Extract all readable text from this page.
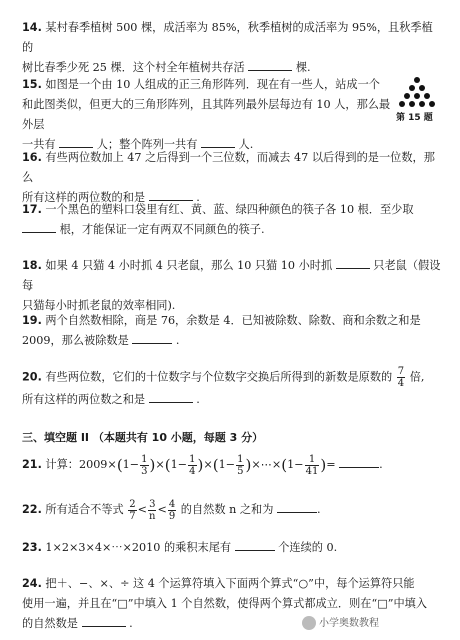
14. 某村春季植树 500 棵，成活率为 85%，秋季植树的成活率为 95%，且秋季植的
树比春季少死 25 棵．这个村全年植树共存活	棵.
15. 如图是一个由 10 人组成的正三角形阵列．现在有一些人，站成一个
和此图类似，但更大的三角形阵列，且其阵列最外层每边有 10 人，那么最外层
一共有	人；整个阵列一共有	人.
第 15 题
16. 有些两位数加上 47 之后得到一个三位数，而减去 47 以后得到的是一位数，那么
所有这样的两位数的和是	.
17. 一个黑色的塑料口袋里有红、黄、蓝、绿四种颜色的筷子各 10 根．至少取
根，才能保证一定有两双不同颜色的筷子.
18. 如果 4 只猫 4 小时抓 4 只老鼠，那么 10 只猫 10 小时抓	只老鼠（假设每
只猫每小时抓老鼠的效率相同).
19. 两个自然数相除，商是 76，余数是 4．已知被除数、除数、商和余数之和是
2009，那么被除数是	.
20. 有些两位数，它们的十位数字与个位数字交换后所得到的新数是原数的 $\frac{7}{4}$ 倍,
所有这样的两位数之和是	.
三、填空题 II （本题共有 10 小题，每题 3 分）
21. 计算：$2009\times(1- \frac{1}{3} )\times(1- \frac{1}{4} )\times(1- \frac{1}{5}$ )×⋯×(1− $\frac{1}{41}$ )=	.
22. 所有适合不等式 $\frac{2}{7} < \frac{3}{n} < \frac{4}{9}$ 的自然数 n 之和为	.
23. 1×2×3×4×⋯×2010 的乘积末尾有	个连续的 0.
24. 把＋、−、×、÷ 这 4 个运算符填入下面两个算式“○”中，每个运算符只能
使用一遍，并且在“□”中填入 1 个自然数，使得两个算式都成立．则在“□”中填入
的自然数是	.	小学奥数教程
